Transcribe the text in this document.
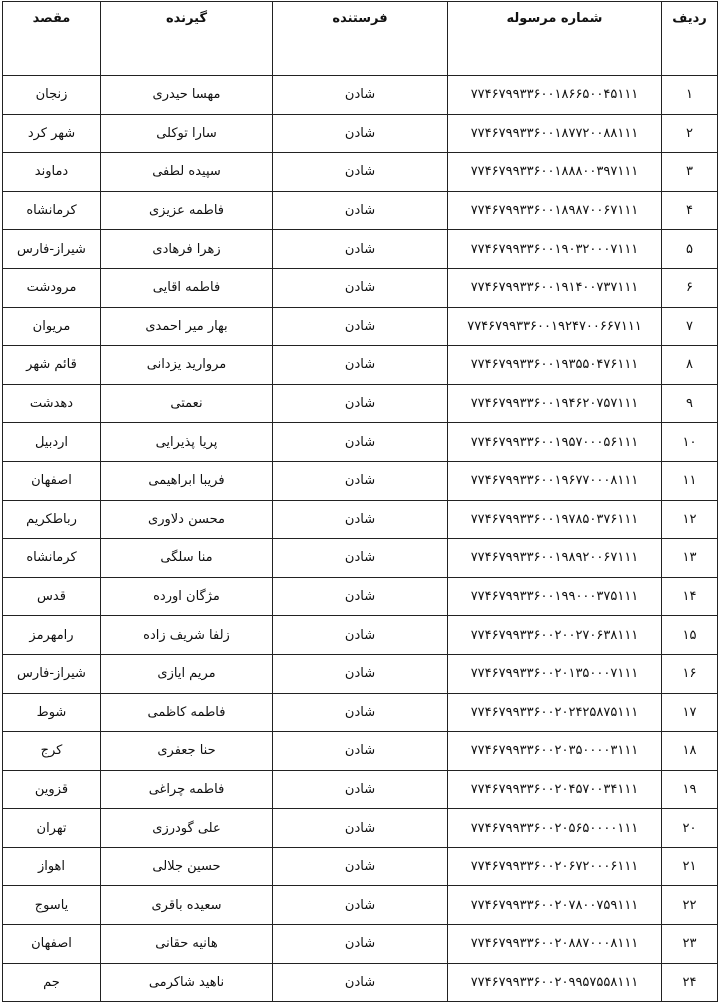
ردیف	شماره مرسوله	فرستنده	گیرنده	مقصد
۱	۷۷۴۶۷۹۹۳۳۶۰۰۱۸۶۶۵۰۰۴۵۱۱۱	شادن	مهسا حیدری	زنجان
۲	۷۷۴۶۷۹۹۳۳۶۰۰۱۸۷۷۲۰۰۸۸۱۱۱	شادن	سارا توکلی	شهر کرد
۳	۷۷۴۶۷۹۹۳۳۶۰۰۱۸۸۸۰۰۳۹۷۱۱۱	شادن	سپیده لطفی	دماوند
۴	۷۷۴۶۷۹۹۳۳۶۰۰۱۸۹۸۷۰۰۶۷۱۱۱	شادن	فاطمه عزیزی	کرمانشاه
۵	۷۷۴۶۷۹۹۳۳۶۰۰۱۹۰۳۲۰۰۰۷۱۱۱	شادن	زهرا فرهادی	شیراز-فارس
۶	۷۷۴۶۷۹۹۳۳۶۰۰۱۹۱۴۰۰۷۳۷۱۱۱	شادن	فاطمه اقایی	مرودشت
۷	۷۷۴۶۷۹۹۳۳۶۰۰۱۹۲۴۷۰۰۶۶۷۱۱۱	شادن	بهار میر احمدی	مریوان
۸	۷۷۴۶۷۹۹۳۳۶۰۰۱۹۳۵۵۰۴۷۶۱۱۱	شادن	مروارید یزدانی	قائم شهر
۹	۷۷۴۶۷۹۹۳۳۶۰۰۱۹۴۶۲۰۷۵۷۱۱۱	شادن	نعمتی	دهدشت
۱۰	۷۷۴۶۷۹۹۳۳۶۰۰۱۹۵۷۰۰۰۵۶۱۱۱	شادن	پریا پذیرایی	اردبیل
۱۱	۷۷۴۶۷۹۹۳۳۶۰۰۱۹۶۷۷۰۰۰۸۱۱۱	شادن	فریبا ابراهیمی	اصفهان
۱۲	۷۷۴۶۷۹۹۳۳۶۰۰۱۹۷۸۵۰۳۷۶۱۱۱	شادن	محسن دلاوری	رباطکریم
۱۳	۷۷۴۶۷۹۹۳۳۶۰۰۱۹۸۹۲۰۰۶۷۱۱۱	شادن	منا سلگی	کرمانشاه
۱۴	۷۷۴۶۷۹۹۳۳۶۰۰۱۹۹۰۰۰۳۷۵۱۱۱	شادن	مژگان اورده	قدس
۱۵	۷۷۴۶۷۹۹۳۳۶۰۰۲۰۰۲۷۰۶۳۸۱۱۱	شادن	زلفا شریف زاده	رامهرمز
۱۶	۷۷۴۶۷۹۹۳۳۶۰۰۲۰۱۳۵۰۰۰۷۱۱۱	شادن	مریم ایازی	شیراز-فارس
۱۷	۷۷۴۶۷۹۹۳۳۶۰۰۲۰۲۴۲۵۸۷۵۱۱۱	شادن	فاطمه کاظمی	شوط
۱۸	۷۷۴۶۷۹۹۳۳۶۰۰۲۰۳۵۰۰۰۰۳۱۱۱	شادن	حنا جعفری	کرج
۱۹	۷۷۴۶۷۹۹۳۳۶۰۰۲۰۴۵۷۰۰۳۴۱۱۱	شادن	فاطمه چراغی	قزوین
۲۰	۷۷۴۶۷۹۹۳۳۶۰۰۲۰۵۶۵۰۰۰۰۱۱۱	شادن	علی گودرزی	تهران
۲۱	۷۷۴۶۷۹۹۳۳۶۰۰۲۰۶۷۲۰۰۰۶۱۱۱	شادن	حسین جلالی	اهواز
۲۲	۷۷۴۶۷۹۹۳۳۶۰۰۲۰۷۸۰۰۷۵۹۱۱۱	شادن	سعیده باقری	یاسوج
۲۳	۷۷۴۶۷۹۹۳۳۶۰۰۲۰۸۸۷۰۰۰۸۱۱۱	شادن	هانیه حقانی	اصفهان
۲۴	۷۷۴۶۷۹۹۳۳۶۰۰۲۰۹۹۵۷۵۵۸۱۱۱	شادن	ناهید شاکرمی	جم
